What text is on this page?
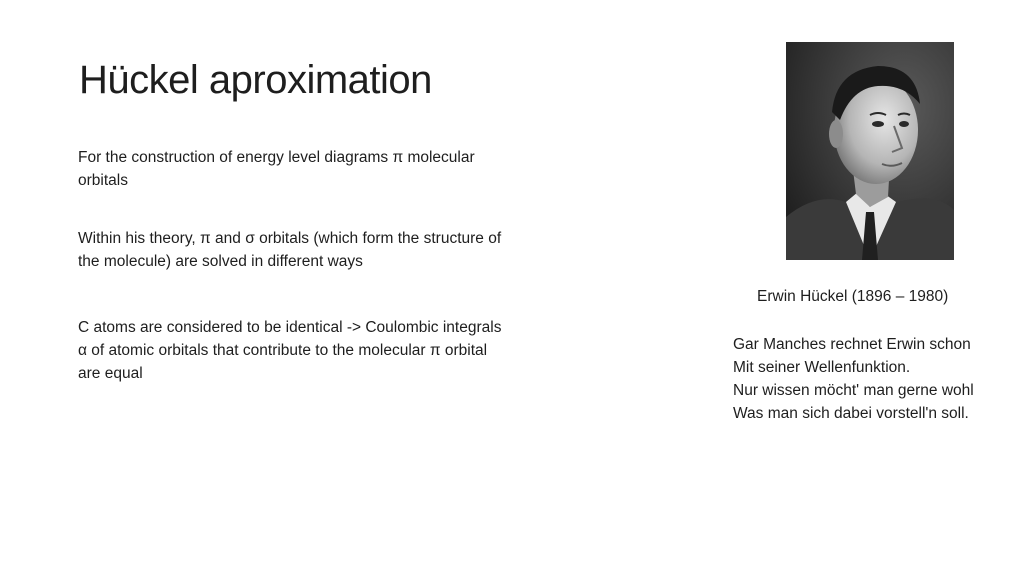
Hückel aproximation

For the construction of energy level diagrams π molecular orbitals

Within his theory, π and σ orbitals (which form the structure of the molecule) are solved in different ways

C atoms are considered to be identical -> Coulombic integrals α of atomic orbitals that contribute to the molecular π orbital are equal

Erwin Hückel (1896 – 1980)

Gar Manches rechnet Erwin schon
Mit seiner Wellenfunktion.
Nur wissen möcht' man gerne wohl
Was man sich dabei vorstell'n soll.
